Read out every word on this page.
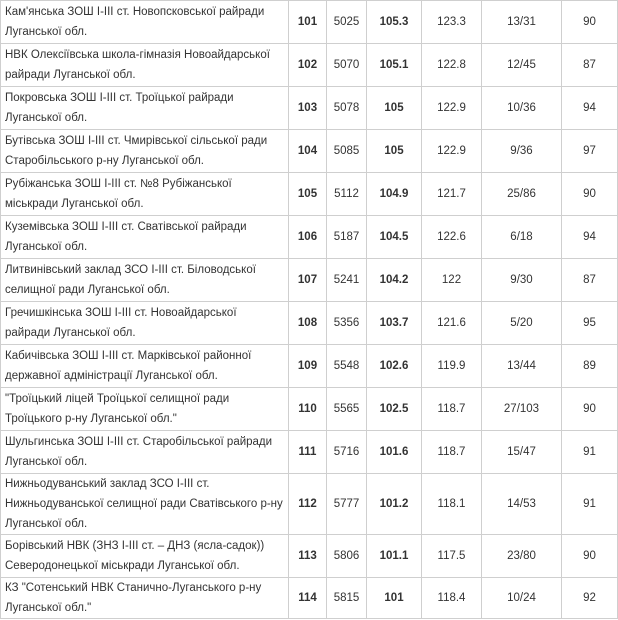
Кам'янська ЗОШ І-ІІІ ст. Новопсковської райради Луганської обл.	101	5025	105.3	123.3	13/31	90
НВК Олексіївська школа-гімназія Новоайдарської райради Луганської обл.	102	5070	105.1	122.8	12/45	87
Покровська ЗОШ І-ІІІ ст. Троїцької райради Луганської обл.	103	5078	105	122.9	10/36	94
Бутівська ЗОШ І-ІІІ ст. Чмирівської сільської ради Старобільського р-ну Луганської обл.	104	5085	105	122.9	9/36	97
Рубіжанська ЗОШ І-ІІІ ст. №8 Рубіжанської міськради Луганської обл.	105	5112	104.9	121.7	25/86	90
Куземівська ЗОШ І-ІІІ ст. Сватівської райради Луганської обл.	106	5187	104.5	122.6	6/18	94
Литвинівський заклад ЗСО І-ІІІ ст. Біловодської селищної ради Луганської обл.	107	5241	104.2	122	9/30	87
Гречишкінська ЗОШ І-ІІІ ст. Новоайдарської райради Луганської обл.	108	5356	103.7	121.6	5/20	95
Кабичівська ЗОШ І-ІІІ ст. Марківської районної державної адміністрації Луганської обл.	109	5548	102.6	119.9	13/44	89
"Троїцький ліцей Троїцької селищної ради Троїцького р-ну Луганської обл."	110	5565	102.5	118.7	27/103	90
Шульгинська ЗОШ І-ІІІ ст. Старобільської райради Луганської обл.	111	5716	101.6	118.7	15/47	91
Нижньодуванський заклад ЗСО І-ІІІ ст. Нижньодуванської селищної ради Сватівського р-ну Луганської обл.	112	5777	101.2	118.1	14/53	91
Борівський НВК (ЗНЗ І-ІІІ ст. – ДНЗ (ясла-садок)) Северодонецької міськради Луганської обл.	113	5806	101.1	117.5	23/80	90
КЗ "Сотенський НВК Станично-Луганського р-ну Луганської обл."	114	5815	101	118.4	10/24	92
